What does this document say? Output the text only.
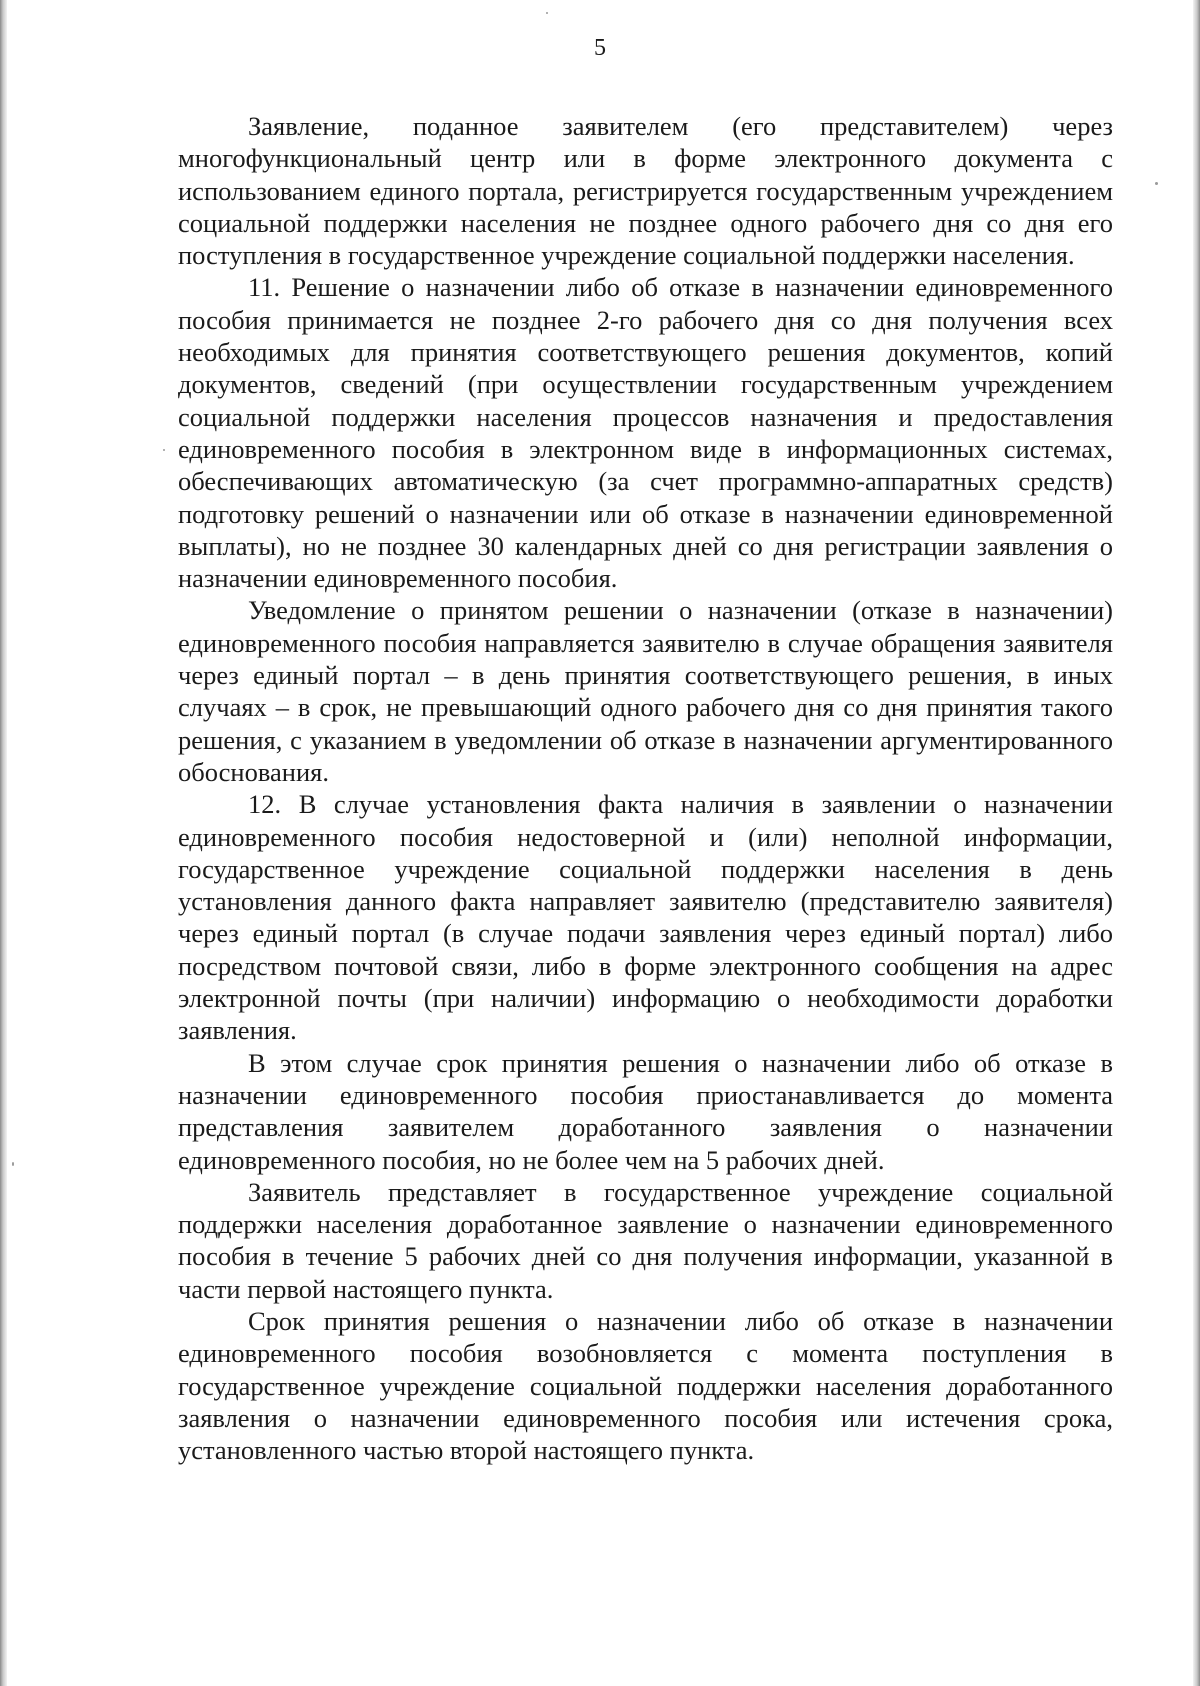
5

Заявление, поданное заявителем (его представителем) через многофункциональный центр или в форме электронного документа с использованием единого портала, регистрируется государственным учреждением социальной поддержки населения не позднее одного рабочего дня со дня его поступления в государственное учреждение социальной поддержки населения.

11. Решение о назначении либо об отказе в назначении единовременного пособия принимается не позднее 2-го рабочего дня со дня получения всех необходимых для принятия соответствующего решения документов, копий документов, сведений (при осуществлении государственным учреждением социальной поддержки населения процессов назначения и предоставления единовременного пособия в электронном виде в информационных системах, обеспечивающих автоматическую (за счет программно-аппаратных средств) подготовку решений о назначении или об отказе в назначении единовременной выплаты), но не позднее 30 календарных дней со дня регистрации заявления о назначении единовременного пособия.

Уведомление о принятом решении о назначении (отказе в назначении) единовременного пособия направляется заявителю в случае обращения заявителя через единый портал – в день принятия соответствующего решения, в иных случаях – в срок, не превышающий одного рабочего дня со дня принятия такого решения, с указанием в уведомлении об отказе в назначении аргументированного обоснования.

12. В случае установления факта наличия в заявлении о назначении единовременного пособия недостоверной и (или) неполной информации, государственное учреждение социальной поддержки населения в день установления данного факта направляет заявителю (представителю заявителя) через единый портал (в случае подачи заявления через единый портал) либо посредством почтовой связи, либо в форме электронного сообщения на адрес электронной почты (при наличии) информацию о необходимости доработки заявления.

В этом случае срок принятия решения о назначении либо об отказе в назначении единовременного пособия приостанавливается до момента представления заявителем доработанного заявления о назначении единовременного пособия, но не более чем на 5 рабочих дней.

Заявитель представляет в государственное учреждение социальной поддержки населения доработанное заявление о назначении единовременного пособия в течение 5 рабочих дней со дня получения информации, указанной в части первой настоящего пункта.

Срок принятия решения о назначении либо об отказе в назначении единовременного пособия возобновляется с момента поступления в государственное учреждение социальной поддержки населения доработанного заявления о назначении единовременного пособия или истечения срока, установленного частью второй настоящего пункта.
